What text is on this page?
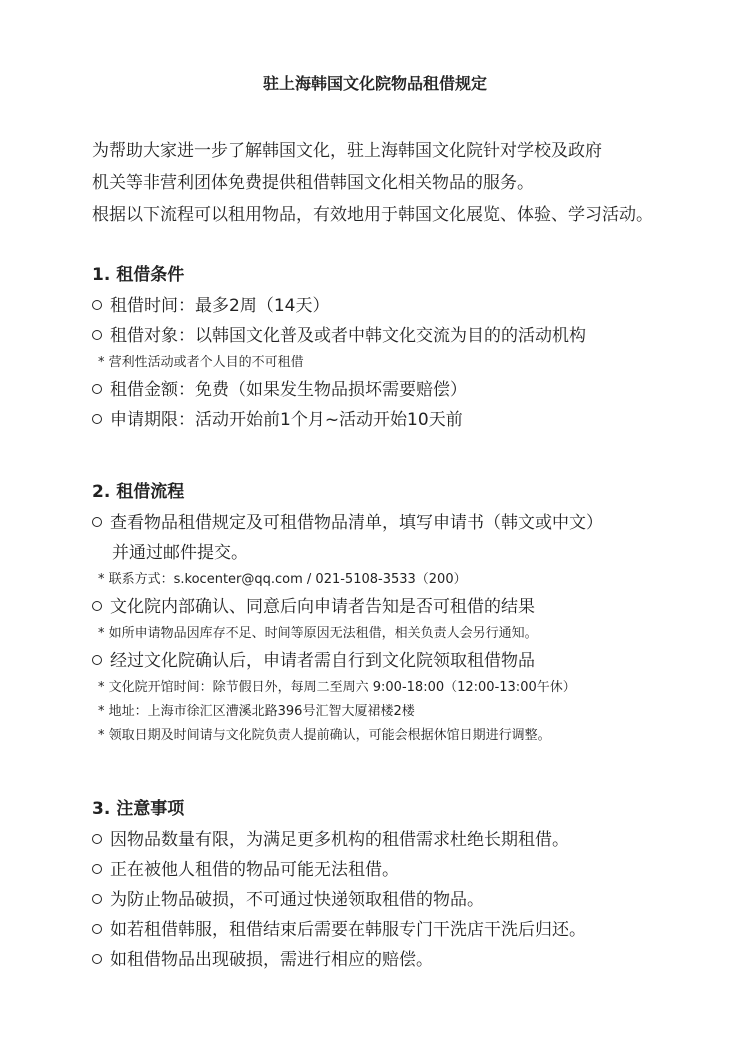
驻上海韩国文化院物品租借规定
为帮助大家进一步了解韩国文化，驻上海韩国文化院针对学校及政府
机关等非营利团体免费提供租借韩国文化相关物品的服务。
根据以下流程可以租用物品，有效地用于韩国文化展览、体验、学习活动。
1. 租借条件
租借时间：最多2周（14天）
租借对象：以韩国文化普及或者中韩文化交流为目的的活动机构
* 营利性活动或者个人目的不可租借
租借金额：免费（如果发生物品损坏需要赔偿）
申请期限：活动开始前1个月~活动开始10天前
2. 租借流程
查看物品租借规定及可租借物品清单，填写申请书（韩文或中文）
并通过邮件提交。
* 联系方式：s.kocenter@qq.com / 021-5108-3533（200）
文化院内部确认、同意后向申请者告知是否可租借的结果
* 如所申请物品因库存不足、时间等原因无法租借，相关负责人会另行通知。
经过文化院确认后，申请者需自行到文化院领取租借物品
* 文化院开馆时间：除节假日外，每周二至周六 9:00-18:00（12:00-13:00午休）
* 地址：上海市徐汇区漕溪北路396号汇智大厦裙楼2楼
* 领取日期及时间请与文化院负责人提前确认，可能会根据休馆日期进行调整。
3. 注意事项
因物品数量有限，为满足更多机构的租借需求杜绝长期租借。
正在被他人租借的物品可能无法租借。
为防止物品破损，不可通过快递领取租借的物品。
如若租借韩服，租借结束后需要在韩服专门干洗店干洗后归还。
如租借物品出现破损，需进行相应的赔偿。
